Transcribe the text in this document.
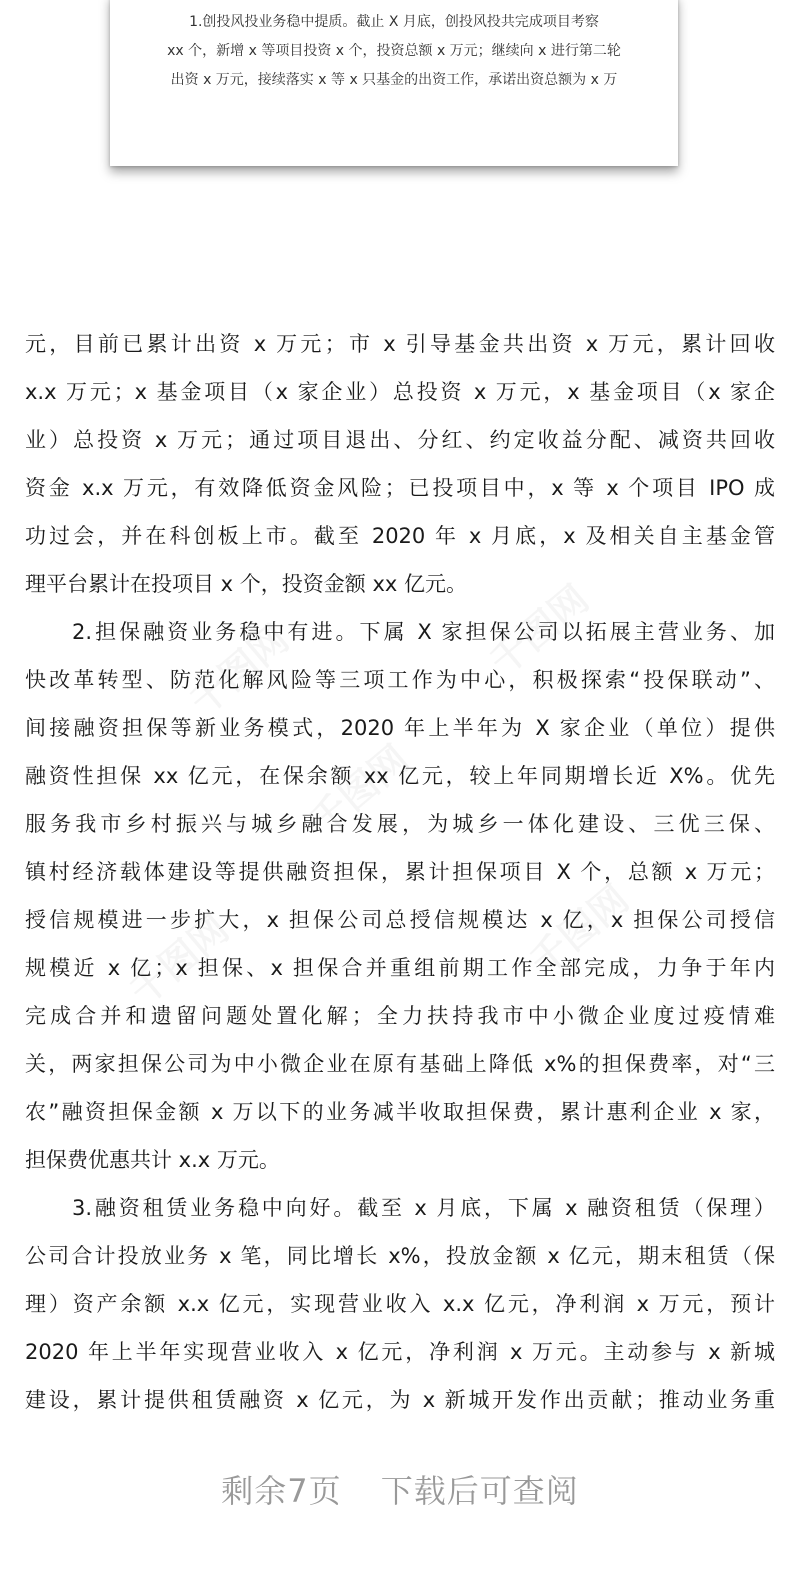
1.创投风投业务稳中提质。截止 X 月底，创投风投共完成项目考察

xx 个，新增 x 等项目投资 x 个，投资总额 x 万元；继续向 x 进行第二轮

出资 x 万元，接续落实 x 等 x 只基金的出资工作，承诺出资总额为 x 万

元，目前已累计出资 x 万元；市 x 引导基金共出资 x 万元，累计回收
x.x 万元；x 基金项目（x 家企业）总投资 x 万元，x 基金项目（x 家企
业）总投资 x 万元；通过项目退出、分红、约定收益分配、减资共回收
资金 x.x 万元，有效降低资金风险；已投项目中，x 等 x 个项目 IPO 成
功过会，并在科创板上市。截至 2020 年 x 月底，x 及相关自主基金管
理平台累计在投项目 x 个，投资金额 xx 亿元。
2.担保融资业务稳中有进。下属 X 家担保公司以拓展主营业务、加
快改革转型、防范化解风险等三项工作为中心，积极探索“投保联动”、
间接融资担保等新业务模式，2020 年上半年为 X 家企业（单位）提供
融资性担保 xx 亿元，在保余额 xx 亿元，较上年同期增长近 X%。优先
服务我市乡村振兴与城乡融合发展，为城乡一体化建设、三优三保、
镇村经济载体建设等提供融资担保，累计担保项目 X 个，总额 x 万元；
授信规模进一步扩大，x 担保公司总授信规模达 x 亿，x 担保公司授信
规模近 x 亿；x 担保、x 担保合并重组前期工作全部完成，力争于年内
完成合并和遗留问题处置化解；全力扶持我市中小微企业度过疫情难
关，两家担保公司为中小微企业在原有基础上降低 x%的担保费率，对“三
农”融资担保金额 x 万以下的业务减半收取担保费，累计惠利企业 x 家，
担保费优惠共计 x.x 万元。
3.融资租赁业务稳中向好。截至 x 月底，下属 x 融资租赁（保理）
公司合计投放业务 x 笔，同比增长 x%，投放金额 x 亿元，期末租赁（保
理）资产余额 x.x 亿元，实现营业收入 x.x 亿元，净利润 x 万元，预计
2020 年上半年实现营业收入 x 亿元，净利润 x 万元。主动参与 x 新城
建设，累计提供租赁融资 x 亿元，为 x 新城开发作出贡献；推动业务重
剩余7页 下载后可查阅
